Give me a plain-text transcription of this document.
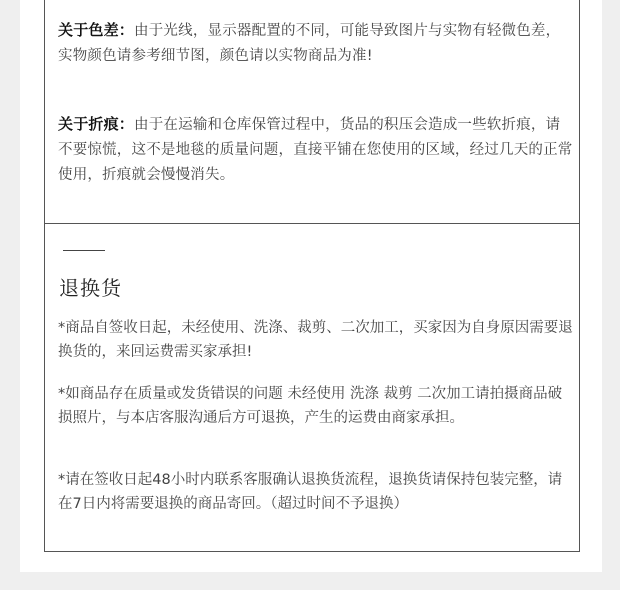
关于色差：由于光线，显示器配置的不同，可能导致图片与实物有轻微色差，实物颜色请参考细节图，颜色请以实物商品为准!
关于折痕：由于在运输和仓库保管过程中，货品的积压会造成一些软折痕，请不要惊慌，这不是地毯的质量问题，直接平铺在您使用的区域，经过几天的正常使用，折痕就会慢慢消失。
退换货
*商品自签收日起，未经使用、洗涤、裁剪、二次加工，买家因为自身原因需要退换货的，来回运费需买家承担!
*如商品存在质量或发货错误的问题 未经使用 洗涤 裁剪 二次加工请拍摄商品破损照片，与本店客服沟通后方可退换，产生的运费由商家承担。
*请在签收日起48小时内联系客服确认退换货流程，退换货请保持包装完整，请在7日内将需要退换的商品寄回。（超过时间不予退换）
